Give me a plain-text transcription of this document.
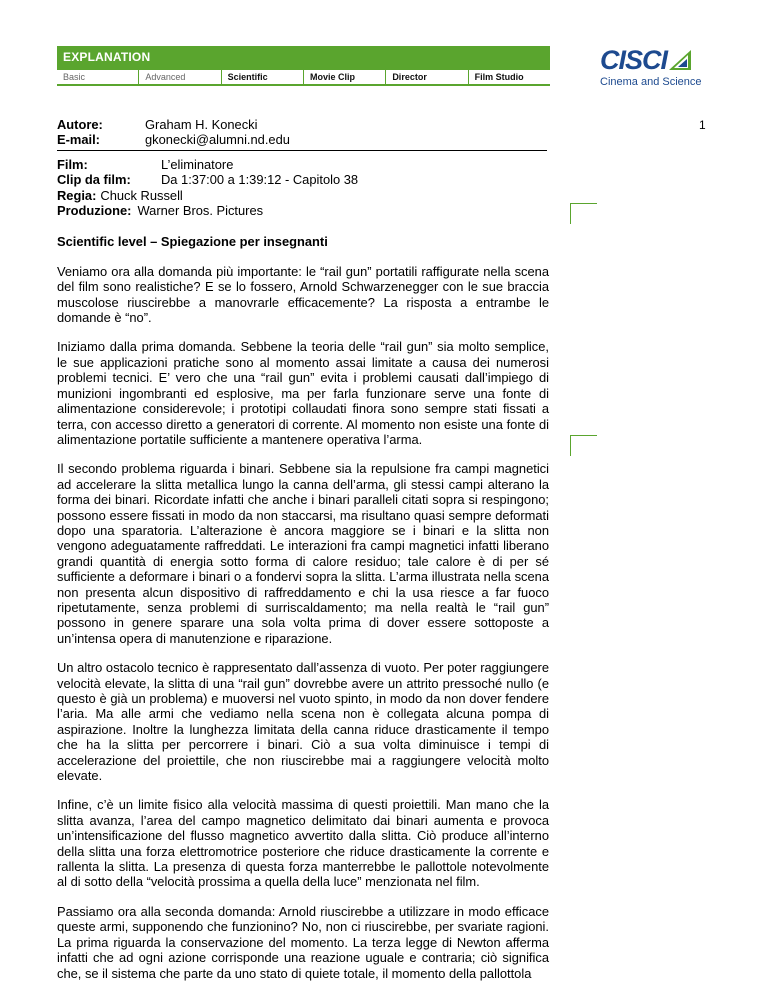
EXPLANATION
Basic	Advanced	Scientific	Movie Clip	Director	Film Studio
CISCI
Cinema and Science
1
Autore:	Graham H. Konecki
E-mail:	gkonecki@alumni.nd.edu
Film:	L’eliminatore
Clip da film:	Da 1:37:00 a 1:39:12 - Capitolo 38
Regia: Chuck Russell
Produzione: Warner Bros. Pictures
Scientific level – Spiegazione per insegnanti

Veniamo ora alla domanda più importante: le “rail gun” portatili raffigurate nella scena del film sono realistiche? E se lo fossero, Arnold Schwarzenegger con le sue braccia muscolose riuscirebbe a manovrarle efficacemente? La risposta a entrambe le domande è “no”.

Iniziamo dalla prima domanda. Sebbene la teoria delle “rail gun” sia molto semplice, le sue applicazioni pratiche sono al momento assai limitate a causa dei numerosi problemi tecnici. E’ vero che una “rail gun” evita i problemi causati dall’impiego di munizioni ingombranti ed esplosive, ma per farla funzionare serve una fonte di alimentazione considerevole; i prototipi collaudati finora sono sempre stati fissati a terra, con accesso diretto a generatori di corrente. Al momento non esiste una fonte di alimentazione portatile sufficiente a mantenere operativa l’arma.

Il secondo problema riguarda i binari. Sebbene sia la repulsione fra campi magnetici ad accelerare la slitta metallica lungo la canna dell’arma, gli stessi campi alterano la forma dei binari. Ricordate infatti che anche i binari paralleli citati sopra si respingono; possono essere fissati in modo da non staccarsi, ma risultano quasi sempre deformati dopo una sparatoria. L’alterazione è ancora maggiore se i binari e la slitta non vengono adeguatamente raffreddati. Le interazioni fra campi magnetici infatti liberano grandi quantità di energia sotto forma di calore residuo; tale calore è di per sé sufficiente a deformare i binari o a fondervi sopra la slitta. L’arma illustrata nella scena non presenta alcun dispositivo di raffreddamento e chi la usa riesce a far fuoco ripetutamente, senza problemi di surriscaldamento; ma nella realtà le “rail gun” possono in genere sparare una sola volta prima di dover essere sottoposte a un’intensa opera di manutenzione e riparazione.

Un altro ostacolo tecnico è rappresentato dall’assenza di vuoto. Per poter raggiungere velocità elevate, la slitta di una “rail gun” dovrebbe avere un attrito pressoché nullo (e questo è già un problema) e muoversi nel vuoto spinto, in modo da non dover fendere l’aria. Ma alle armi che vediamo nella scena non è collegata alcuna pompa di aspirazione. Inoltre la lunghezza limitata della canna riduce drasticamente il tempo che ha la slitta per percorrere i binari. Ciò a sua volta diminuisce i tempi di accelerazione del proiettile, che non riuscirebbe mai a raggiungere velocità molto elevate.

Infine, c’è un limite fisico alla velocità massima di questi proiettili. Man mano che la slitta avanza, l’area del campo magnetico delimitato dai binari aumenta e provoca un’intensificazione del flusso magnetico avvertito dalla slitta. Ciò produce all’interno della slitta una forza elettromotrice posteriore che riduce drasticamente la corrente e rallenta la slitta. La presenza di questa forza manterrebbe le pallottole notevolmente al di sotto della “velocità prossima a quella della luce” menzionata nel film.

Passiamo ora alla seconda domanda: Arnold riuscirebbe a utilizzare in modo efficace queste armi, supponendo che funzionino? No, non ci riuscirebbe, per svariate ragioni. La prima riguarda la conservazione del momento. La terza legge di Newton afferma infatti che ad ogni azione corrisponde una reazione uguale e contraria; ciò significa che, se il sistema che parte da uno stato di quiete totale, il momento della pallottola
